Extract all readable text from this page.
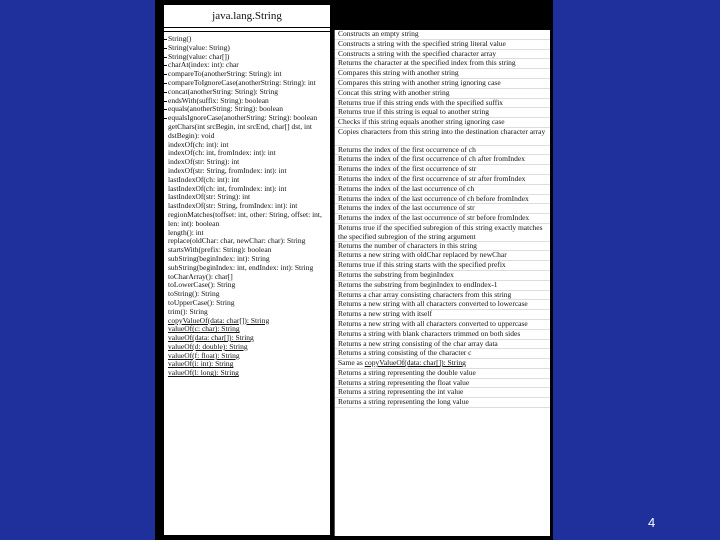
java.lang.String
String()
String(value: String)
String(value: char[])
charAt(index: int): char
compareTo(anotherString: String): int
compareToIgnoreCase(anotherString: String): int
concat(anotherString: String): String
endsWith(suffix: String): boolean
equals(anotherString: String): boolean
equalsIgnoreCase(anotherString: String): boolean
getChars(int srcBegin, int srcEnd, char[] dst, int dstBegin): void
indexOf(ch: int): int
indexOf(ch: int, fromIndex: int): int
indexOf(str: String): int
indexOf(str: String, fromIndex: int): int
lastIndexOf(ch: int): int
lastIndexOf(ch: int, fromIndex: int): int
lastIndexOf(str: String): int
lastIndexOf(str: String, fromIndex: int): int
regionMatches(toffset: int, other: String, offset: int, len: int): boolean
length(): int
replace(oldChar: char, newChar: char): String
startsWith(prefix: String): boolean
subString(beginIndex: int): String
subString(beginIndex: int, endIndex: int): String
toCharArray(): char[]
toLowerCase(): String
toString(): String
toUpperCase(): String
trim(): String
copyValueOf(data: char[]): String
valueOf(c: char): String
valueOf(data: char[]): String
valueOf(d: double): String
valueOf(f: float): String
valueOf(i: int): String
valueOf(l: long): String
Constructs an empty string
Constructs a string with the specified string literal value
Constructs a string with the specified character array
Returns the character at the specified index from this string
Compares this string with another string
Compares this string with another string ignoring case
Concat this string with another string
Returns true if this string ends with the specified suffix
Returns true if this string is equal to another string
Checks if this string equals another string ignoring case
Copies characters from this string into the destination character array
Returns the index of the first occurrence of ch
Returns the index of the first occurrence of ch after fromIndex
Returns the index of the first occurrence of str
Returns the index of the first occurrence of str after fromIndex
Returns the index of the last occurrence of ch
Returns the index of the last occurrence of ch before fromIndex
Returns the index of the last occurrence of str
Returns the index of the last occurrence of str before fromIndex
Returns true if the specified subregion of this string exactly matches the specified subregion of the string argument
Returns the number of characters in this string
Returns a new string with oldChar replaced by newChar
Returns true if this string starts with the specified prefix
Returns the substring from beginIndex
Returns the substring from beginIndex to endIndex-1
Returns a char array consisting characters from this string
Returns a new string with all characters converted to lowercase
Returns a new string with itself
Returns a new string with all characters converted to uppercase
Returns a string with blank characters trimmed on both sides
Returns a new string consisting of the char array data
Returns a string consisting of the character c
Same as copyValueOf(data: char[]): String
Returns a string representing the double value
Returns a string representing the float value
Returns a string representing the int value
Returns a string representing the long value
4
